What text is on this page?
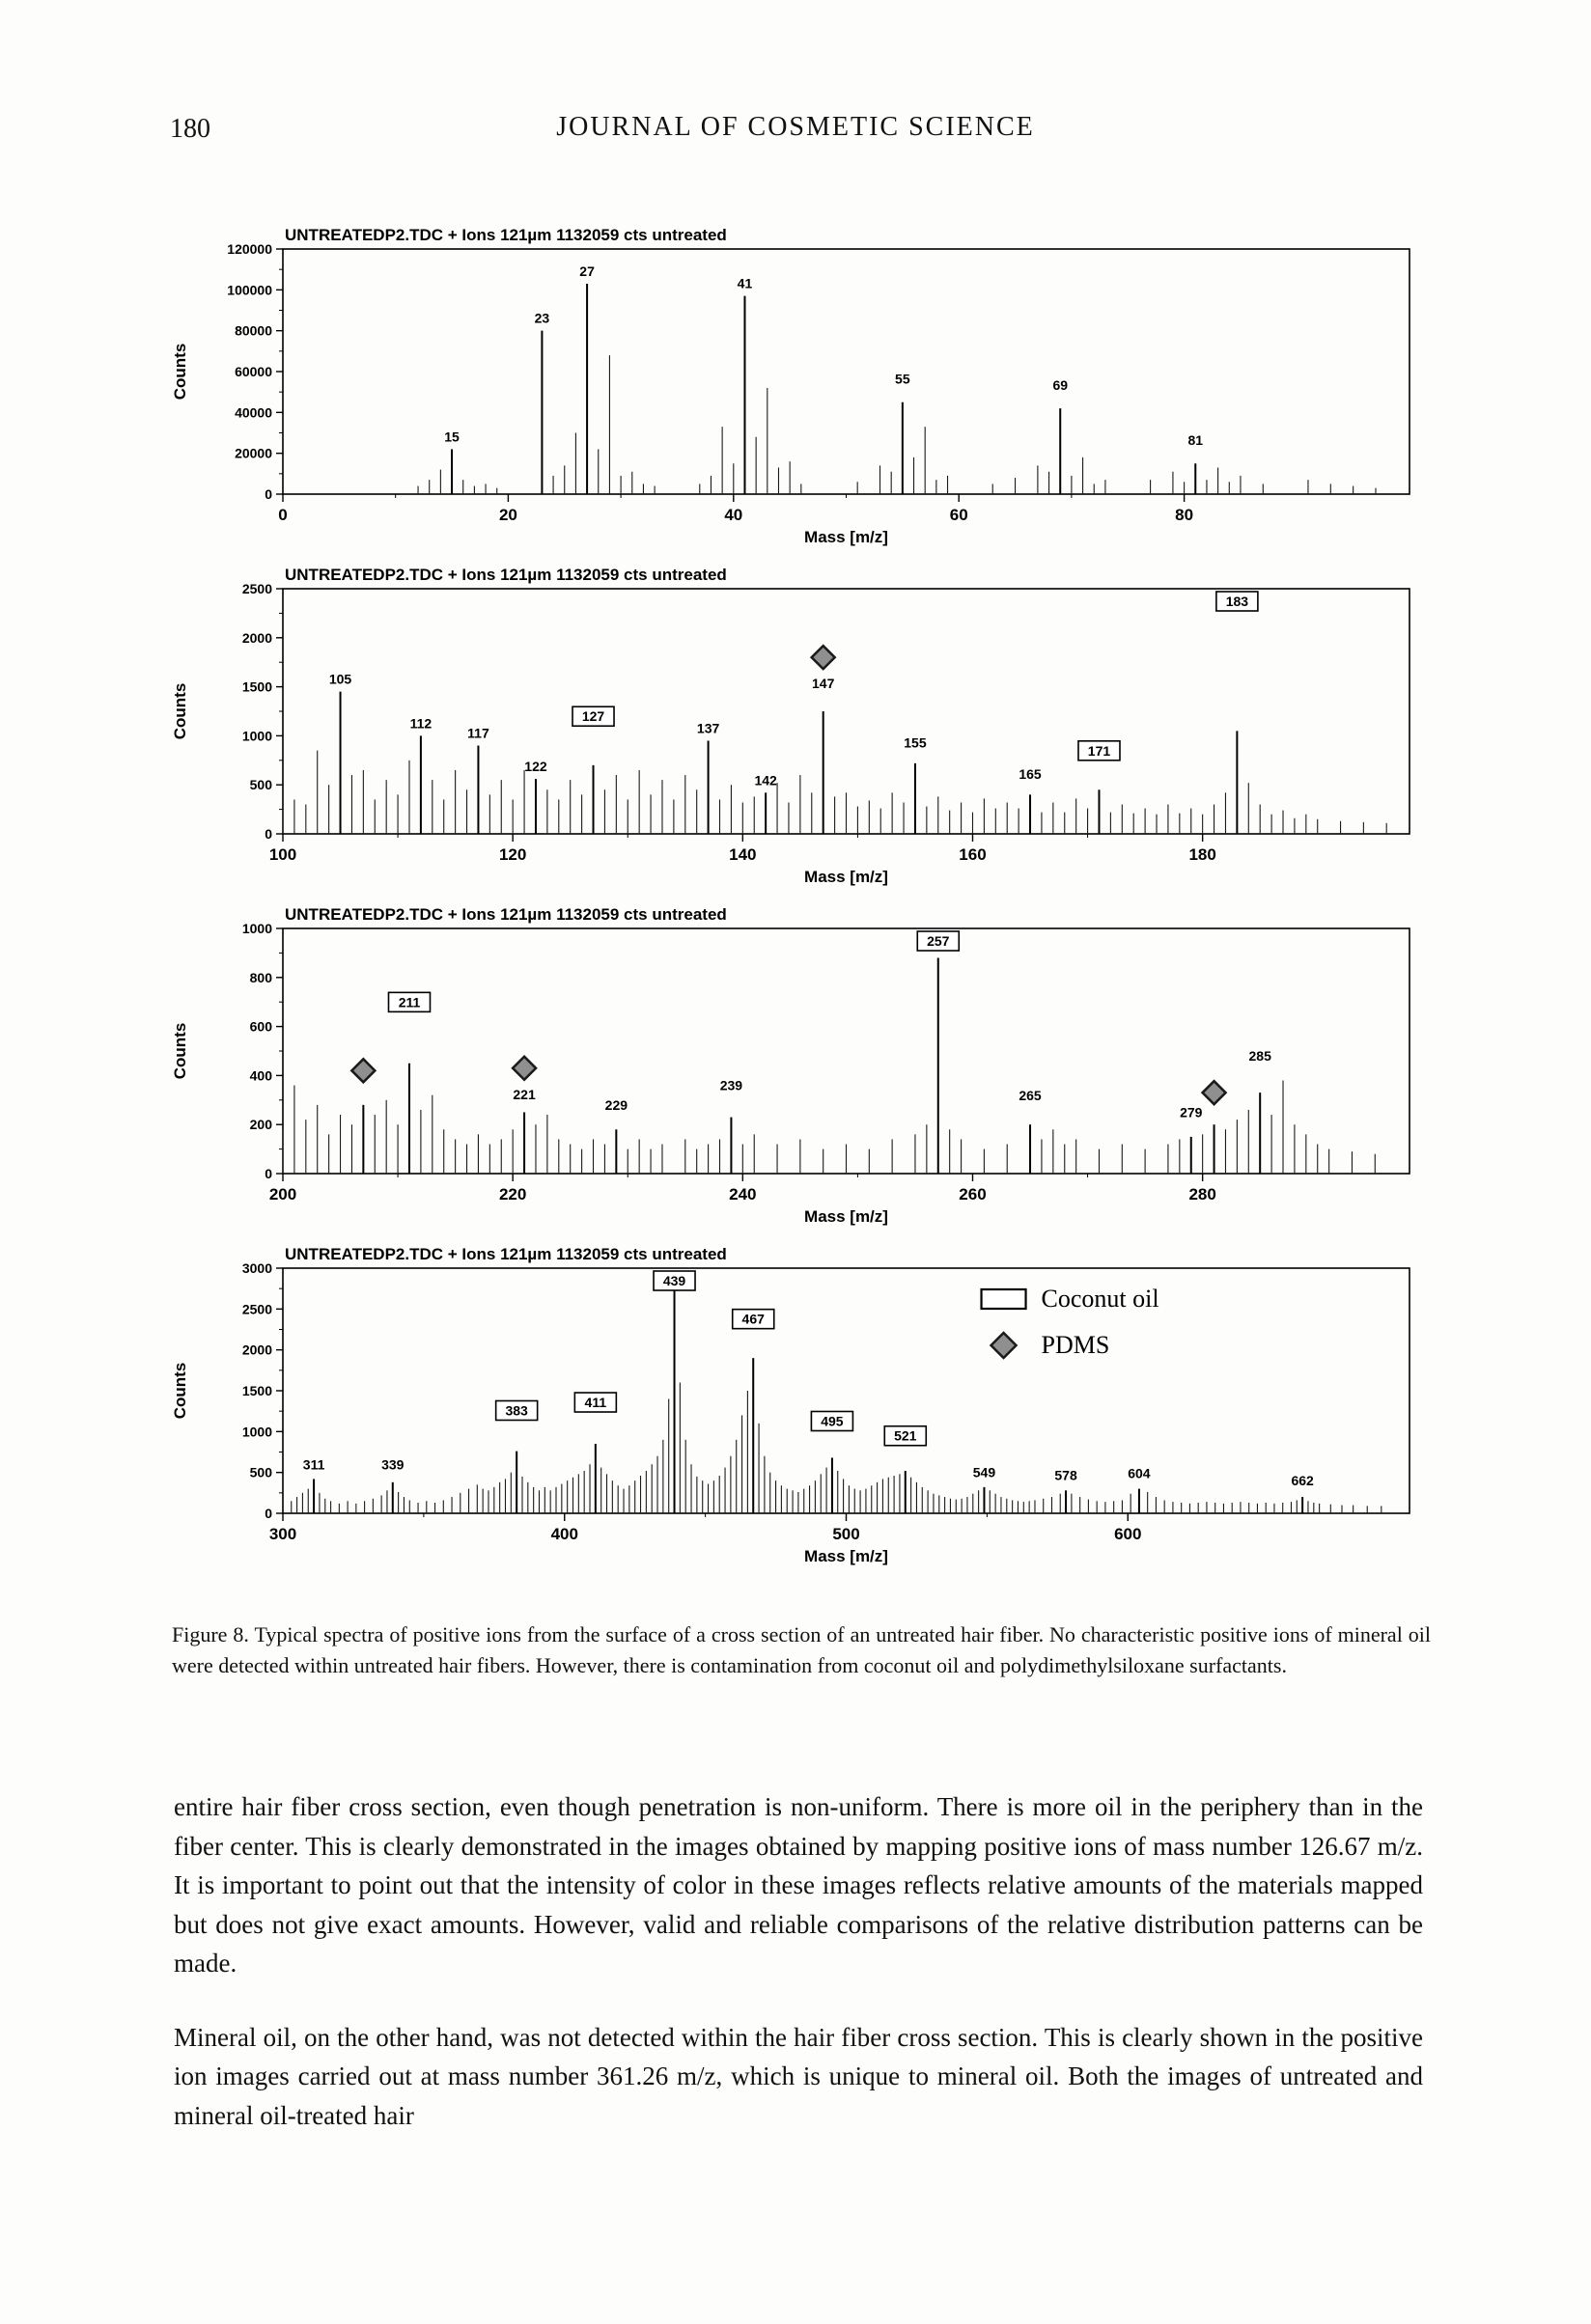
180	JOURNAL OF COSMETIC SCIENCE
UNTREATEDP2.TDC + Ions 121µm 1132059 cts untreated
0
20000
40000
60000
80000
100000
120000
0	20	40	60	80
Mass [m/z]
Counts
15
23
27
41
55	69
81
UNTREATEDP2.TDC + Ions 121µm 1132059 cts untreated
0
500
1000
1500
2000
2500
100	120	140	160	180
Mass [m/z]
Counts
105
112
117
122
127
137
142
147
155
165
171
183
UNTREATEDP2.TDC + Ions 121µm 1132059 cts untreated
0
200
400
600
800
1000
200	220	240	260	280
Mass [m/z]
Counts
211
221
229
239
257
265
279
285
UNTREATEDP2.TDC + Ions 121µm 1132059 cts untreated
0
500
1000
1500
2000
2500
3000
300	400	500	600
Mass [m/z]
Counts
311	339
383
411
439
467
495
521
549	578	604	662
Coconut oil
PDMS

Figure 8. Typical spectra of positive ions from the surface of a cross section of an untreated hair fiber. No characteristic positive ions of mineral oil were detected within untreated hair fibers. However, there is contamination from coconut oil and polydimethylsiloxane surfactants.

entire hair fiber cross section, even though penetration is non-uniform. There is more oil in the periphery than in the fiber center. This is clearly demonstrated in the images obtained by mapping positive ions of mass number 126.67 m/z. It is important to point out that the intensity of color in these images reflects relative amounts of the materials mapped but does not give exact amounts. However, valid and reliable comparisons of the relative distribution patterns can be made.

Mineral oil, on the other hand, was not detected within the hair fiber cross section. This is clearly shown in the positive ion images carried out at mass number 361.26 m/z, which is unique to mineral oil. Both the images of untreated and mineral oil-treated hair
